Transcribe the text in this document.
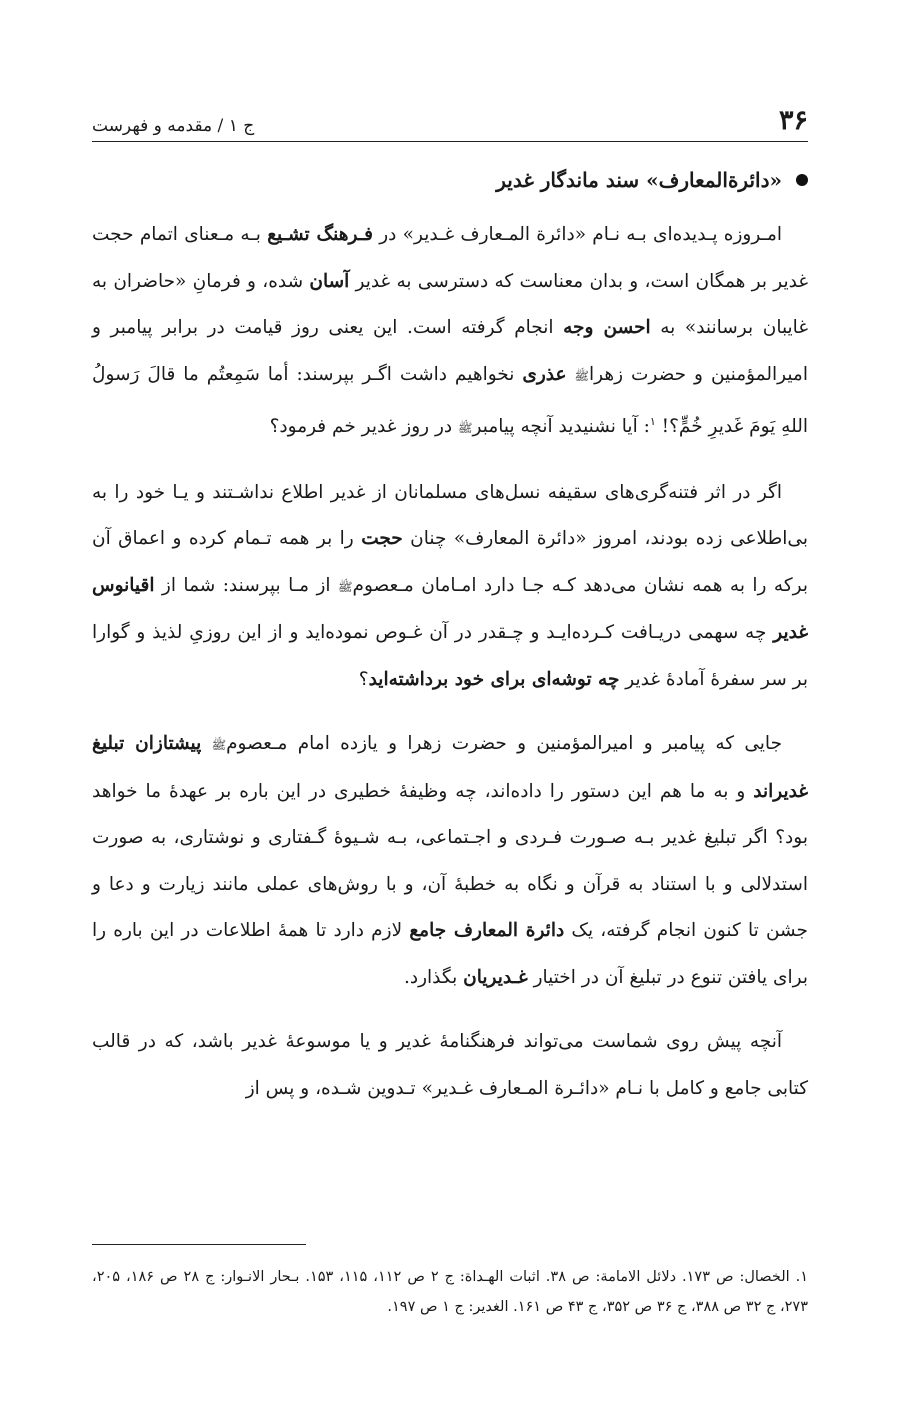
۳۶
ج ۱ / مقدمه و فهرست
«دائرةالمعارف» سند ماندگار غدیر

امـروزه پـدیده‌ای بـه نـام «دائرة المـعارف غـدیر» در فـرهنگ تشـیع بـه مـعنای اتمام حجت غدیر بر همگان است، و بدان معناست که دسترسی به غدیر آسان شده، و فرمانِ «حاضران به غایبان برسانند» به احسن وجه انجام گرفته است. این یعنی روز قیامت در برابر پیامبر و امیرالمؤمنین و حضرت زهراﷺ عذری نخواهیم داشت اگـر بپرسند: أما سَمِعتُم ما قالَ رَسولُ اللهِ یَومَ غَدیرِ خُمٍّ؟! $^۱$: آیا نشنیدید آنچه پیامبرﷺ در روز غدیر خم فرمود؟

اگر در اثر فتنه‌گری‌های سقیفه نسل‌های مسلمانان از غدیر اطلاع نداشـتند و یـا خود را به بی‌اطلاعی زده بودند، امروز «دائرة المعارف» چنان حجت را بر همه تـمام کرده و اعماق آن برکه را به همه نشان می‌دهد کـه جـا دارد امـامان مـعصومﷺ از مـا بپرسند: شما از اقیانوس غدیر چه سهمی دریـافت کـرده‌ایـد و چـقدر در آن غـوص نموده‌اید و از این روزیِ لذیذ و گوارا بر سر سفرهٔ آمادهٔ غدیر چه توشه‌ای برای خود برداشته‌اید؟

جایی که پیامبر و امیرالمؤمنین و حضرت زهرا و یازده امام مـعصومﷺ پیشتازان تبلیغ غدیراند و به ما هم این دستور را داده‌اند، چه وظیفهٔ خطیری در این باره بر عهدهٔ ما خواهد بود؟ اگر تبلیغ غدیر بـه صـورت فـردی و اجـتماعی، بـه شـیوهٔ گـفتاری و نوشتاری، به صورت استدلالی و با استناد به قرآن و نگاه به خطبهٔ آن، و با روش‌های عملی مانند زیارت و دعا و جشن تا کنون انجام گرفته، یک دائرة المعارف جامع لازم دارد تا همهٔ اطلاعات در این باره را برای یافتن تنوع در تبلیغ آن در اختیار غـدیریان بگذارد.

آنچه پیش روی شماست می‌تواند فرهنگنامهٔ غدیر و یا موسوعهٔ غدیر باشد، که در قالب کتابی جامع و کامل با نـام «دائـرة المـعارف غـدیر» تـدوین شـده، و پس از

۱. الخصال: ص ۱۷۳. دلائل الامامة: ص ۳۸. اثبات الهـداة: ج ۲ ص ۱۱۲، ۱۱۵، ۱۵۳. بـحار الانـوار: ج ۲۸ ص ۱۸۶، ۲۰۵، ۲۷۳، ج ۳۲ ص ۳۸۸، ج ۳۶ ص ۳۵۲، ج ۴۳ ص ۱۶۱. الغدیر: ج ۱ ص ۱۹۷.
